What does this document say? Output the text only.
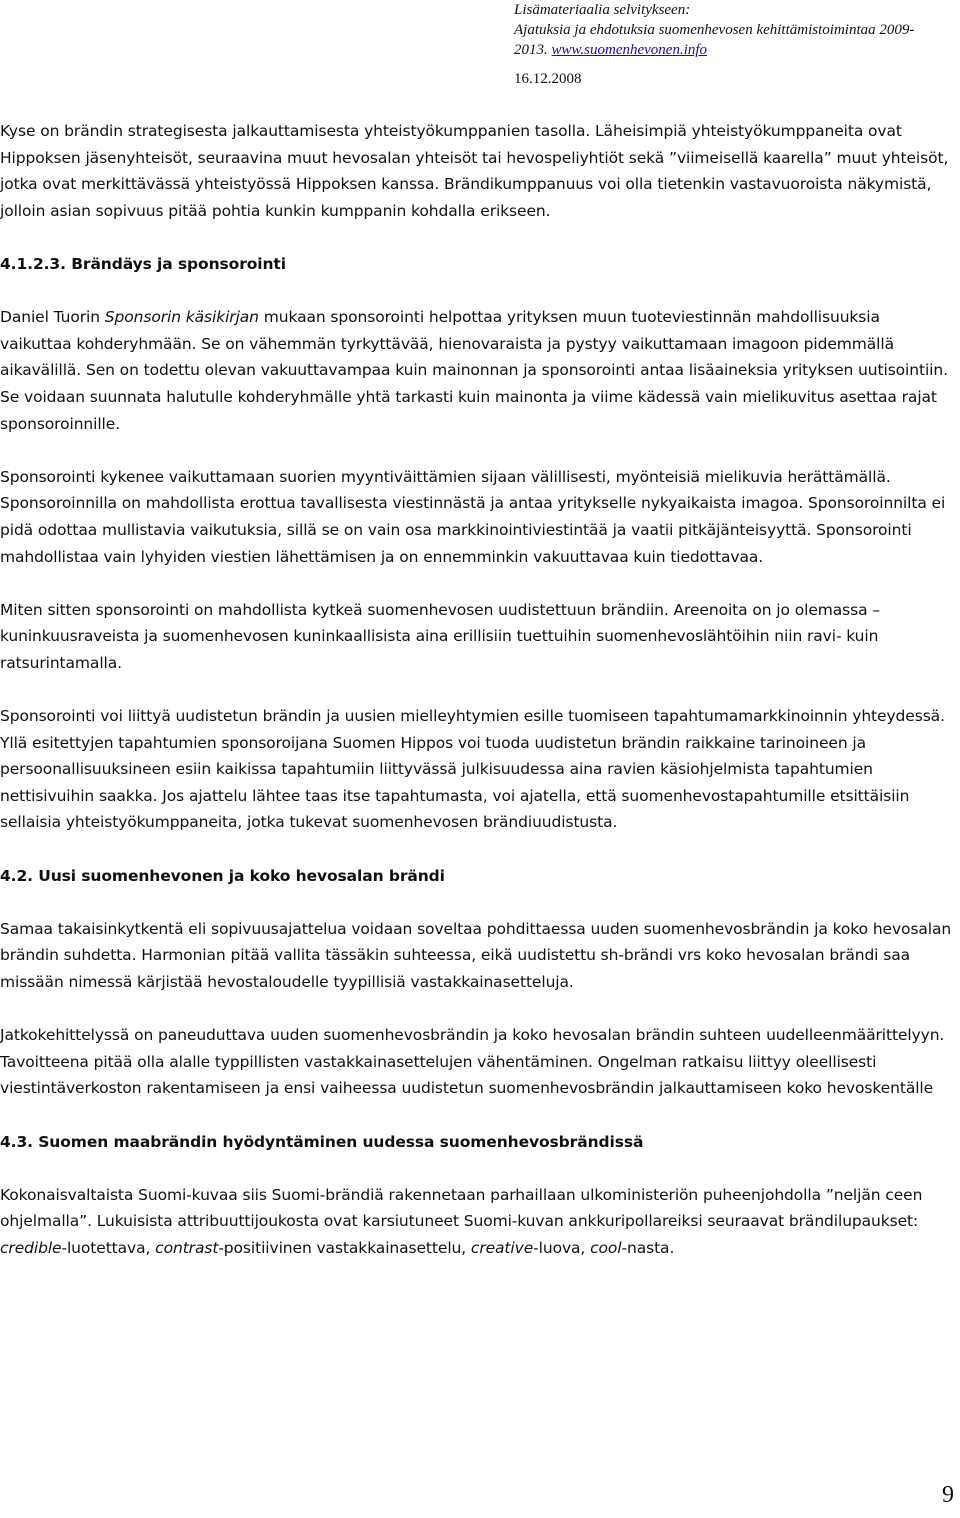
Lisämateriaalia selvitykseen:
Ajatuksia ja ehdotuksia suomenhevosen kehittämistoimintaa 2009-
2013. www.suomenhevonen.info
16.12.2008

Kyse on brändin strategisesta jalkauttamisesta yhteistyökumppanien tasolla. Läheisimpiä yhteistyökumppaneita ovat Hippoksen jäsenyhteisöt, seuraavina muut hevosalan yhteisöt tai hevospeliyhtiöt sekä ”viimeisellä kaarella” muut yhteisöt, jotka ovat merkittävässä yhteistyössä Hippoksen kanssa. Brändikumppanuus voi olla tietenkin vastavuoroista näkymistä, jolloin asian sopivuus pitää pohtia kunkin kumppanin kohdalla erikseen.

4.1.2.3. Brändäys ja sponsorointi

Daniel Tuorin Sponsorin käsikirjan mukaan sponsorointi helpottaa yrityksen muun tuoteviestinnän mahdollisuuksia vaikuttaa kohderyhmään. Se on vähemmän tyrkyttävää, hienovaraista ja pystyy vaikuttamaan imagoon pidemmällä aikavälillä. Sen on todettu olevan vakuuttavampaa kuin mainonnan ja sponsorointi antaa lisäaineksia yrityksen uutisointiin. Se voidaan suunnata halutulle kohderyhmälle yhtä tarkasti kuin mainonta ja viime kädessä vain mielikuvitus asettaa rajat sponsoroinnille.

Sponsorointi kykenee vaikuttamaan suorien myyntiväittämien sijaan välillisesti, myönteisiä mielikuvia herättämällä. Sponsoroinnilla on mahdollista erottua tavallisesta viestinnästä ja antaa yritykselle nykyaikaista imagoa. Sponsoroinnilta ei pidä odottaa mullistavia vaikutuksia, sillä se on vain osa markkinointiviestintää ja vaatii pitkäjänteisyyttä. Sponsorointi mahdollistaa vain lyhyiden viestien lähettämisen ja on ennemminkin vakuuttavaa kuin tiedottavaa.

Miten sitten sponsorointi on mahdollista kytkeä suomenhevosen uudistettuun brändiin. Areenoita on jo olemassa – kuninkuusraveista ja suomenhevosen kuninkaallisista aina erillisiin tuettuihin suomenhevoslähtöihin niin ravi- kuin ratsurintamalla.

Sponsorointi voi liittyä uudistetun brändin ja uusien mielleyhtymien esille tuomiseen tapahtumamarkkinoinnin yhteydessä. Yllä esitettyjen tapahtumien sponsoroijana Suomen Hippos voi tuoda uudistetun brändin raikkaine tarinoineen ja persoonallisuuksineen esiin kaikissa tapahtumiin liittyvässä julkisuudessa aina ravien käsiohjelmista tapahtumien nettisivuihin saakka. Jos ajattelu lähtee taas itse tapahtumasta, voi ajatella, että suomenhevostapahtumille etsittäisiin sellaisia yhteistyökumppaneita, jotka tukevat suomenhevosen brändiuudistusta.

4.2. Uusi suomenhevonen ja koko hevosalan brändi

Samaa takaisinkytkentä eli sopivuusajattelua voidaan soveltaa pohdittaessa uuden suomenhevosbrändin ja koko hevosalan brändin suhdetta. Harmonian pitää vallita tässäkin suhteessa, eikä uudistettu sh-brändi vrs koko hevosalan brändi saa missään nimessä kärjistää hevostaloudelle tyypillisiä vastakkainasetteluja.

Jatkokehittelyssä on paneuduttava uuden suomenhevosbrändin ja koko hevosalan brändin suhteen uudelleenmäärittelyyn. Tavoitteena pitää olla alalle typpillisten vastakkainasettelujen vähentäminen. Ongelman ratkaisu liittyy oleellisesti viestintäverkoston rakentamiseen ja ensi vaiheessa uudistetun suomenhevosbrändin jalkauttamiseen koko hevoskentälle

4.3. Suomen maabrändin hyödyntäminen uudessa suomenhevosbrändissä

Kokonaisvaltaista Suomi-kuvaa siis Suomi-brändiä rakennetaan parhaillaan ulkoministeriön puheenjohdolla ”neljän ceen ohjelmalla”. Lukuisista attribuuttijoukosta ovat karsiutuneet Suomi-kuvan ankkuripollareiksi seuraavat brändilupaukset: credible-luotettava, contrast-positiivinen vastakkainasettelu, creative-luova, cool-nasta.

9
